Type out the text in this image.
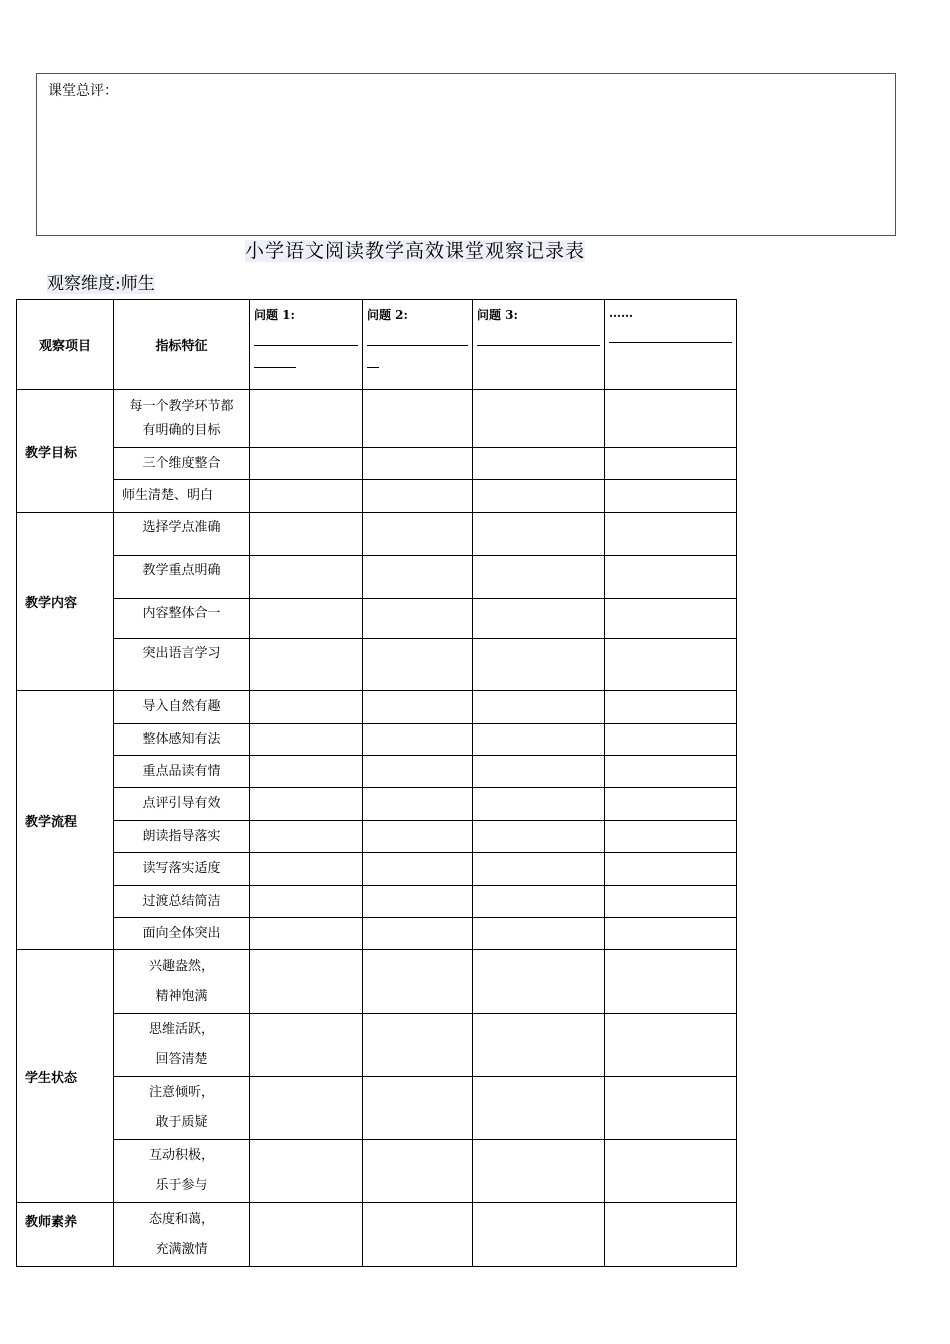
课堂总评：
小学语文阅读教学高效课堂观察记录表
观察维度:师生
观察项目	指标特征	问题 1:	问题 2:	问题 3:	……

教学目标	每一个教学环节都
有明确的目标				

	三个维度整合				
	师生清楚、明白				
教学内容	选择学点准确				
	教学重点明确				
	内容整体合一				
	突出语言学习				
教学流程	导入自然有趣				
	整体感知有法				
	重点品读有情				
	点评引导有效				
	朗读指导落实				
	读写落实适度				
	过渡总结简洁				
	面向全体突出				
学生状态	兴趣盎然，
精神饱满				

	思维活跃，
回答清楚				

	注意倾听，
敢于质疑				

	互动积极，
乐于参与				

教师素养	态度和蔼，
充满激情				
